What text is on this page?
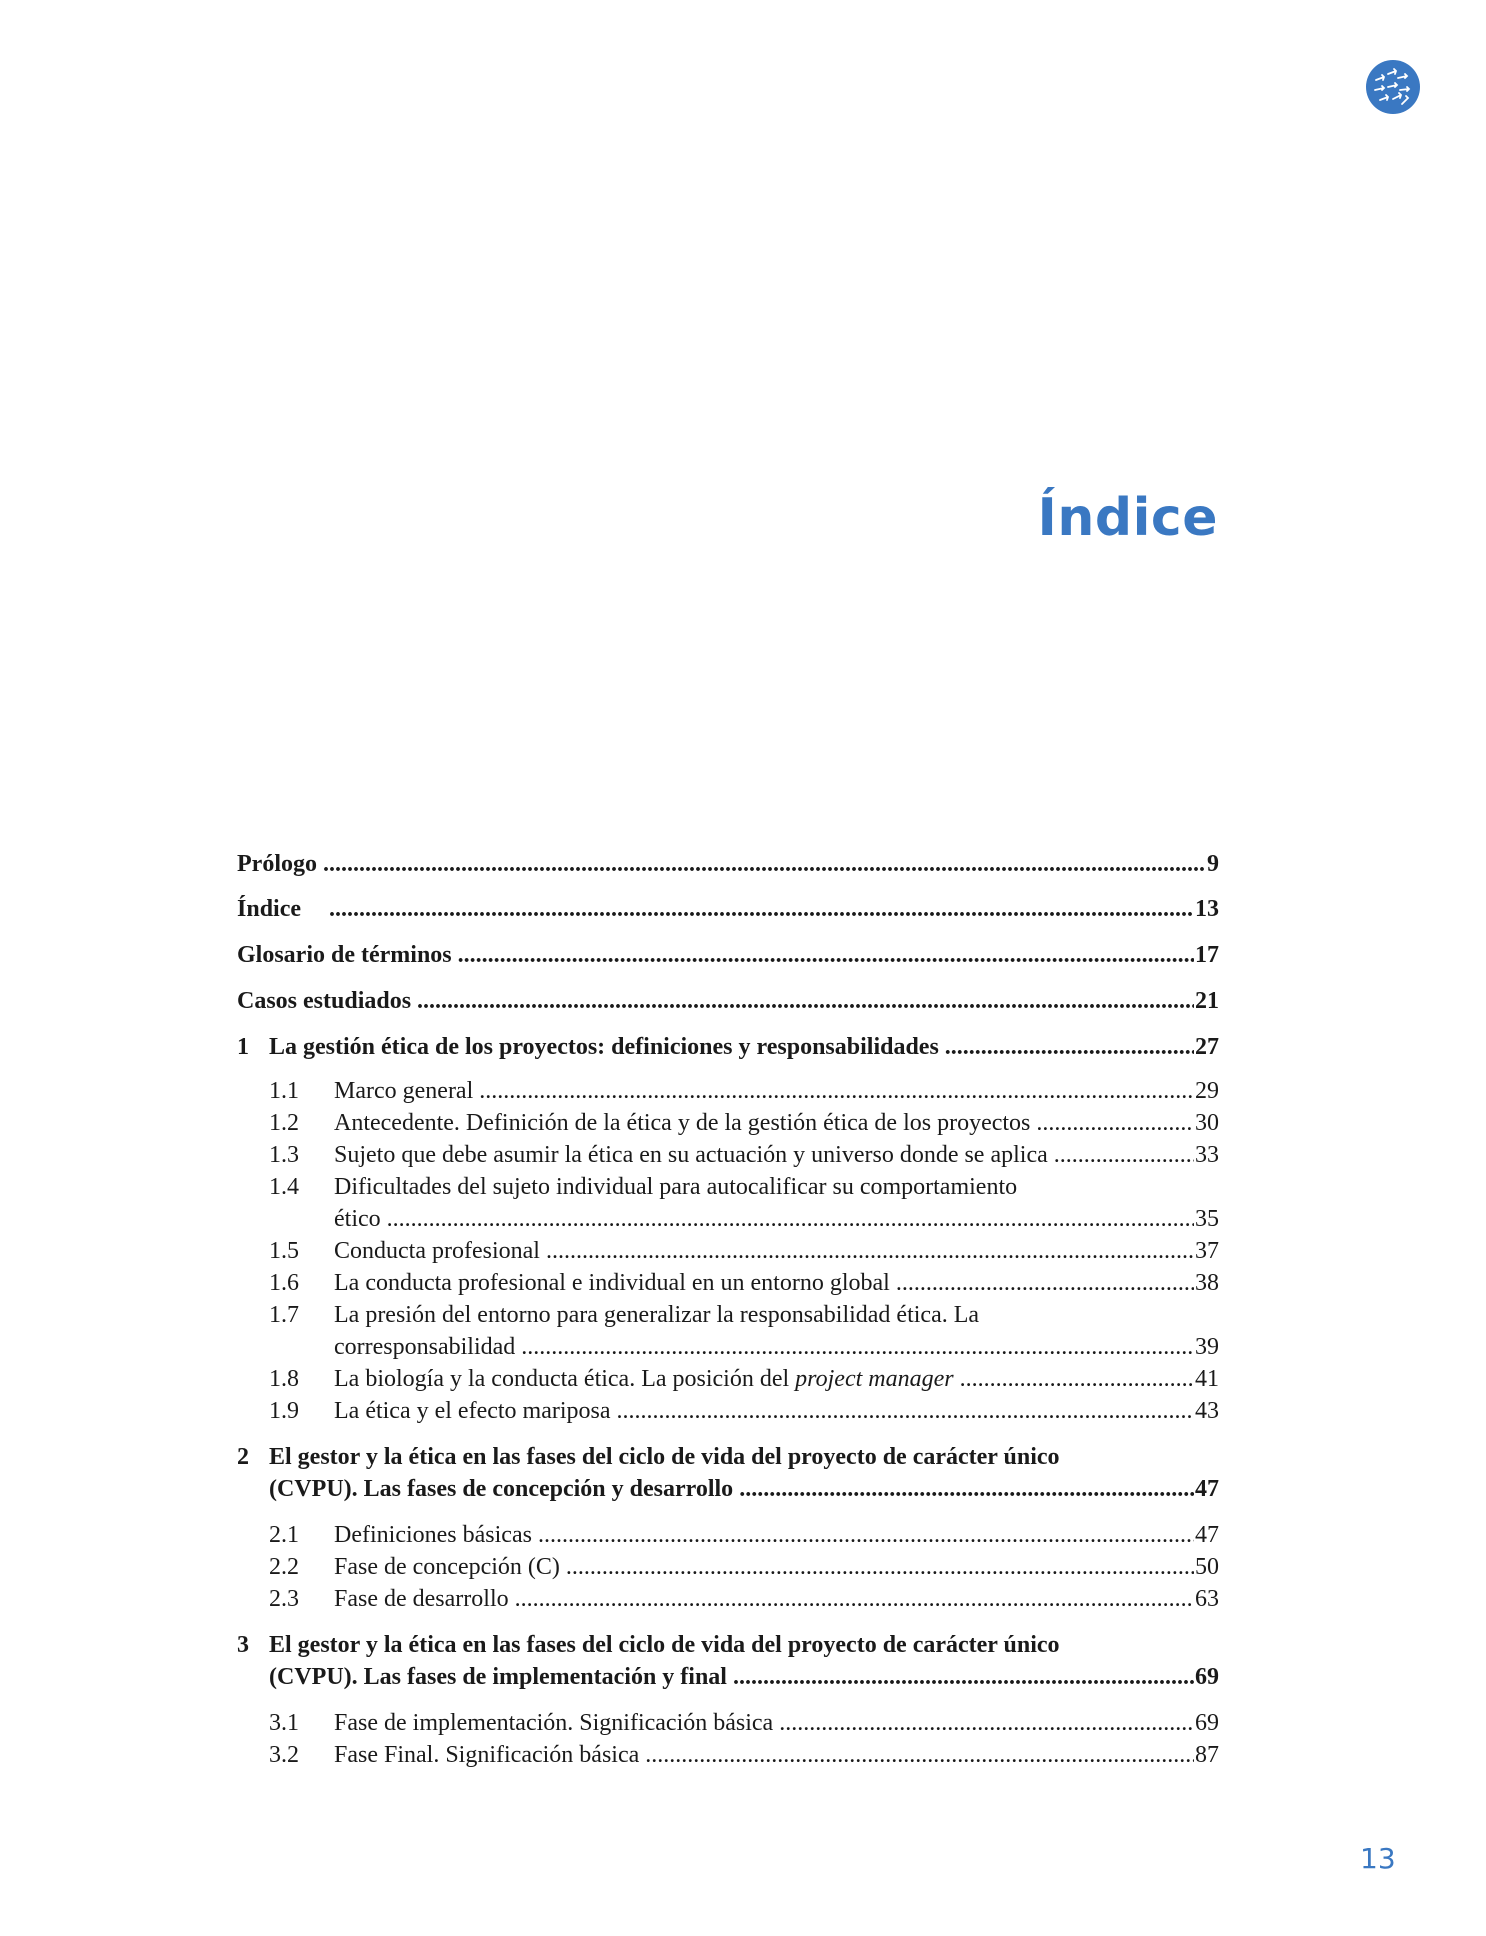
Índice
Prólogo .....	9
Índice .....	13
Glosario de términos .....	17
Casos estudiados .....	21
1 La gestión ética de los proyectos: definiciones y responsabilidades .....	27
1.1 Marco general .....	29
1.2 Antecedente. Definición de la ética y de la gestión ética de los proyectos .....	30
1.3 Sujeto que debe asumir la ética en su actuación y universo donde se aplica .....	33
1.4 Dificultades del sujeto individual para autocalificar su comportamiento
ético .....	35
1.5 Conducta profesional .....	37
1.6 La conducta profesional e individual en un entorno global .....	38
1.7 La presión del entorno para generalizar la responsabilidad ética. La
corresponsabilidad .....	39
1.8 La biología y la conducta ética. La posición del project manager .....	41
1.9 La ética y el efecto mariposa .....	43
2 El gestor y la ética en las fases del ciclo de vida del proyecto de carácter único
(CVPU). Las fases de concepción y desarrollo .....	47
2.1 Definiciones básicas .....	47
2.2 Fase de concepción (C) .....	50
2.3 Fase de desarrollo .....	63
3 El gestor y la ética en las fases del ciclo de vida del proyecto de carácter único
(CVPU). Las fases de implementación y final .....	69
3.1 Fase de implementación. Significación básica .....	69
3.2 Fase Final. Significación básica .....	87
13
